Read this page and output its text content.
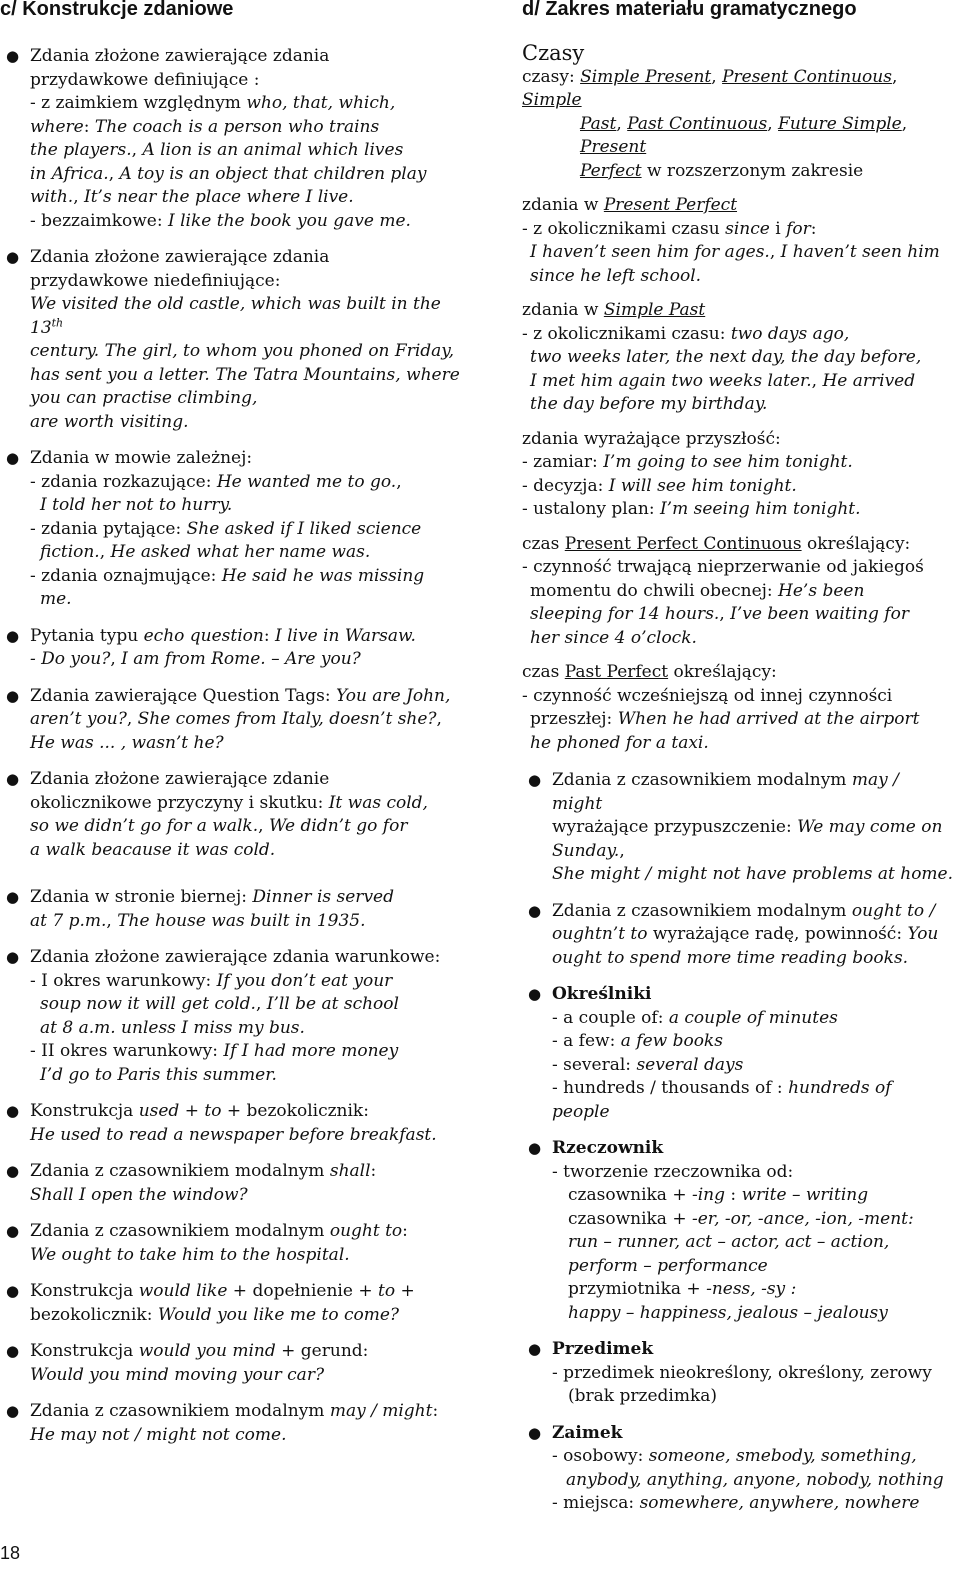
c/ Konstrukcje zdaniowe
● Zdania złożone zawierające zdania

przydawkowe definiujące :

- z zaimkiem względnym who, that, which,

where: The coach is a person who trains

the players., A lion is an animal which lives

in Africa., A toy is an object that children play

with., It’s near the place where I live.

- bezzaimkowe: I like the book you gave me.

● Zdania złożone zawierające zdania

przydawkowe niedefiniujące:

We visited the old castle, which was built in the 13th

century. The girl, to whom you phoned on Friday,

has sent you a letter. The Tatra Mountains, where

you can practise climbing,

are worth visiting.

● Zdania w mowie zależnej:

- zdania rozkazujące: He wanted me to go.,

I told her not to hurry.

- zdania pytające: She asked if I liked science

fiction., He asked what her name was.

- zdania oznajmujące: He said he was missing

me.

● Pytania typu echo question: I live in Warsaw.

- Do you?, I am from Rome. – Are you?

● Zdania zawierające Question Tags: You are John,

aren’t you?, She comes from Italy, doesn’t she?,

He was ... , wasn’t he?

● Zdania złożone zawierające zdanie

okolicznikowe przyczyny i skutku: It was cold,

so we didn’t go for a walk., We didn’t go for

a walk beacause it was cold.

● Zdania w stronie biernej: Dinner is served

at 7 p.m., The house was built in 1935.

● Zdania złożone zawierające zdania warunkowe:

- I okres warunkowy: If you don’t eat your

soup now it will get cold., I’ll be at school

at 8 a.m. unless I miss my bus.

- II okres warunkowy: If I had more money

I’d go to Paris this summer.

● Konstrukcja used + to + bezokolicznik:

He used to read a newspaper before breakfast.

● Zdania z czasownikiem modalnym shall:

Shall I open the window?

● Zdania z czasownikiem modalnym ought to:

We ought to take him to the hospital.

● Konstrukcja would like + dopełnienie + to +

bezokolicznik: Would you like me to come?

● Konstrukcja would you mind + gerund:

Would you mind moving your car?

● Zdania z czasownikiem modalnym may / might:

He may not / might not come.

d/ Zakres materiału gramatycznego

Czasy

czasy: Simple Present, Present Continuous, Simple

Past, Past Continuous, Future Simple, Present

Perfect w rozszerzonym zakresie

zdania w Present Perfect

- z okolicznikami czasu since i for:

I haven’t seen him for ages., I haven’t seen him

since he left school.

zdania w Simple Past

- z okolicznikami czasu: two days ago,

two weeks later, the next day, the day before,

I met him again two weeks later., He arrived

the day before my birthday.

zdania wyrażające przyszłość:

- zamiar: I’m going to see him tonight.

- decyzja: I will see him tonight.

- ustalony plan: I’m seeing him tonight.

czas Present Perfect Continuous określający:

- czynność trwającą nieprzerwanie od jakiegoś

momentu do chwili obecnej: He’s been

sleeping for 14 hours., I’ve been waiting for

her since 4 o’clock.

czas Past Perfect określający:

- czynność wcześniejszą od innej czynności

przeszłej: When he had arrived at the airport

he phoned for a taxi.

● Zdania z czasownikiem modalnym may / might

wyrażające przypuszczenie: We may come on

Sunday.,

She might / might not have problems at home.

● Zdania z czasownikiem modalnym ought to /

oughtn’t to wyrażające radę, powinność: You

ought to spend more time reading books.

● Określniki

- a couple of: a couple of minutes

- a few: a few books

- several: several days

- hundreds / thousands of : hundreds of people

● Rzeczownik

- tworzenie rzeczownika od:

czasownika + -ing : write – writing

czasownika + -er, -or, -ance, -ion, -ment:

run – runner, act – actor, act – action,

perform – performance

przymiotnika + -ness, -sy :

happy – happiness, jealous – jealousy

● Przedimek

- przedimek nieokreślony, określony, zerowy

(brak przedimka)

● Zaimek

- osobowy: someone, smebody, something,

anybody, anything, anyone, nobody, nothing

- miejsca: somewhere, anywhere, nowhere

18
